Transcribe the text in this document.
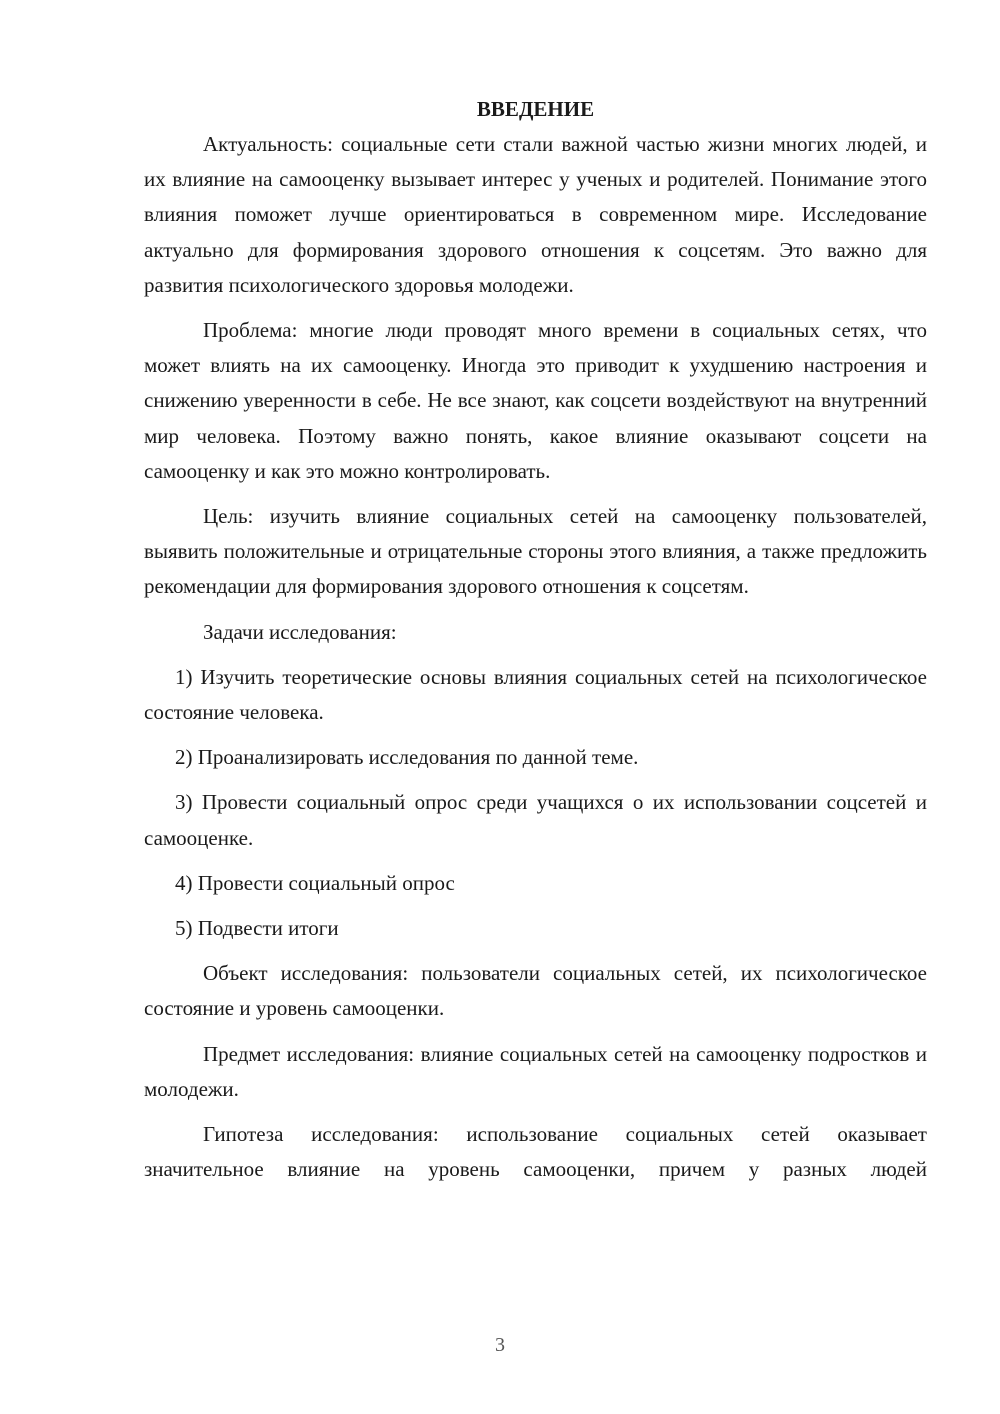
ВВЕДЕНИЕ

Актуальность: социальные сети стали важной частью жизни многих людей, и их влияние на самооценку вызывает интерес у ученых и родителей. Понимание этого влияния поможет лучше ориентироваться в современном мире. Исследование актуально для формирования здорового отношения к соцсетям. Это важно для развития психологического здоровья молодежи.

Проблема: многие люди проводят много времени в социальных сетях, что может влиять на их самооценку. Иногда это приводит к ухудшению настроения и снижению уверенности в себе. Не все знают, как соцсети воздействуют на внутренний мир человека. Поэтому важно понять, какое влияние оказывают соцсети на самооценку и как это можно контролировать.

Цель: изучить влияние социальных сетей на самооценку пользователей, выявить положительные и отрицательные стороны этого влияния, а также предложить рекомендации для формирования здорового отношения к соцсетям.

Задачи исследования:

1) Изучить теоретические основы влияния социальных сетей на психологическое состояние человека.

2) Проанализировать исследования по данной теме.

3) Провести социальный опрос среди учащихся о их использовании соцсетей и самооценке.

4) Провести социальный опрос

5) Подвести итоги

Объект исследования: пользователи социальных сетей, их психологическое состояние и уровень самооценки.

Предмет исследования: влияние социальных сетей на самооценку подростков и молодежи.

Гипотеза исследования: использование социальных сетей оказывает значительное влияние на уровень самооценки, причем у разных людей

3
